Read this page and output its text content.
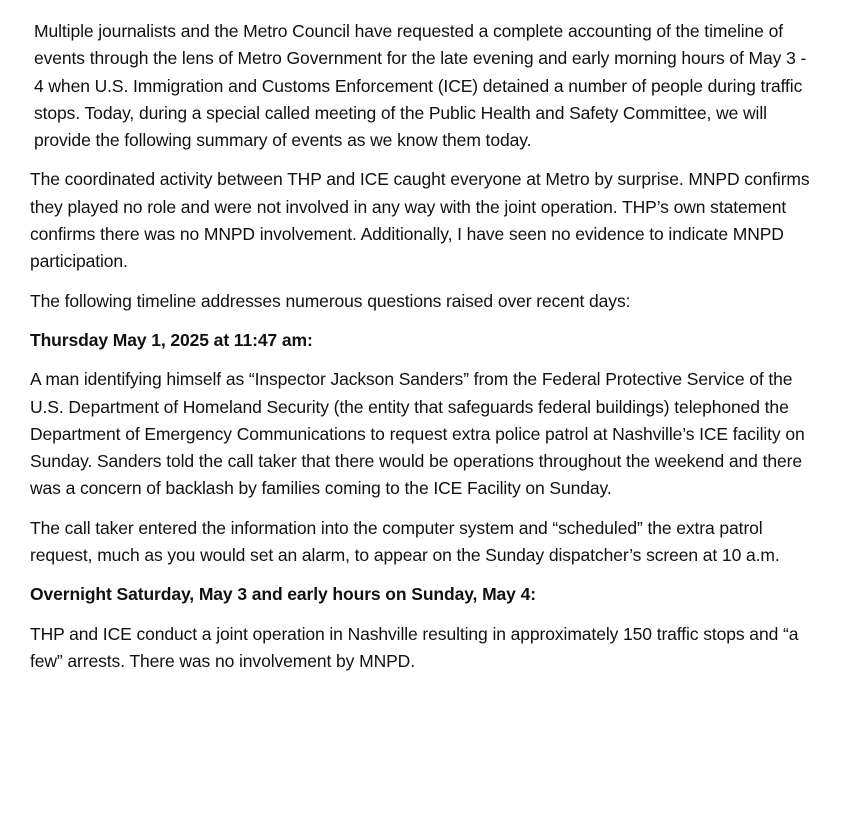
Multiple journalists and the Metro Council have requested a complete accounting of the timeline of events through the lens of Metro Government for the late evening and early morning hours of May 3 - 4 when U.S. Immigration and Customs Enforcement (ICE) detained a number of people during traffic stops. Today, during a special called meeting of the Public Health and Safety Committee, we will provide the following summary of events as we know them today.

The coordinated activity between THP and ICE caught everyone at Metro by surprise. MNPD confirms they played no role and were not involved in any way with the joint operation. THP’s own statement confirms there was no MNPD involvement. Additionally, I have seen no evidence to indicate MNPD participation.

The following timeline addresses numerous questions raised over recent days:

Thursday May 1, 2025 at 11:47 am:

A man identifying himself as “Inspector Jackson Sanders” from the Federal Protective Service of the U.S. Department of Homeland Security (the entity that safeguards federal buildings) telephoned the Department of Emergency Communications to request extra police patrol at Nashville’s ICE facility on Sunday. Sanders told the call taker that there would be operations throughout the weekend and there was a concern of backlash by families coming to the ICE Facility on Sunday.

The call taker entered the information into the computer system and “scheduled” the extra patrol request, much as you would set an alarm, to appear on the Sunday dispatcher’s screen at 10 a.m.

Overnight Saturday, May 3 and early hours on Sunday, May 4:

THP and ICE conduct a joint operation in Nashville resulting in approximately 150 traffic stops and “a few” arrests. There was no involvement by MNPD.
